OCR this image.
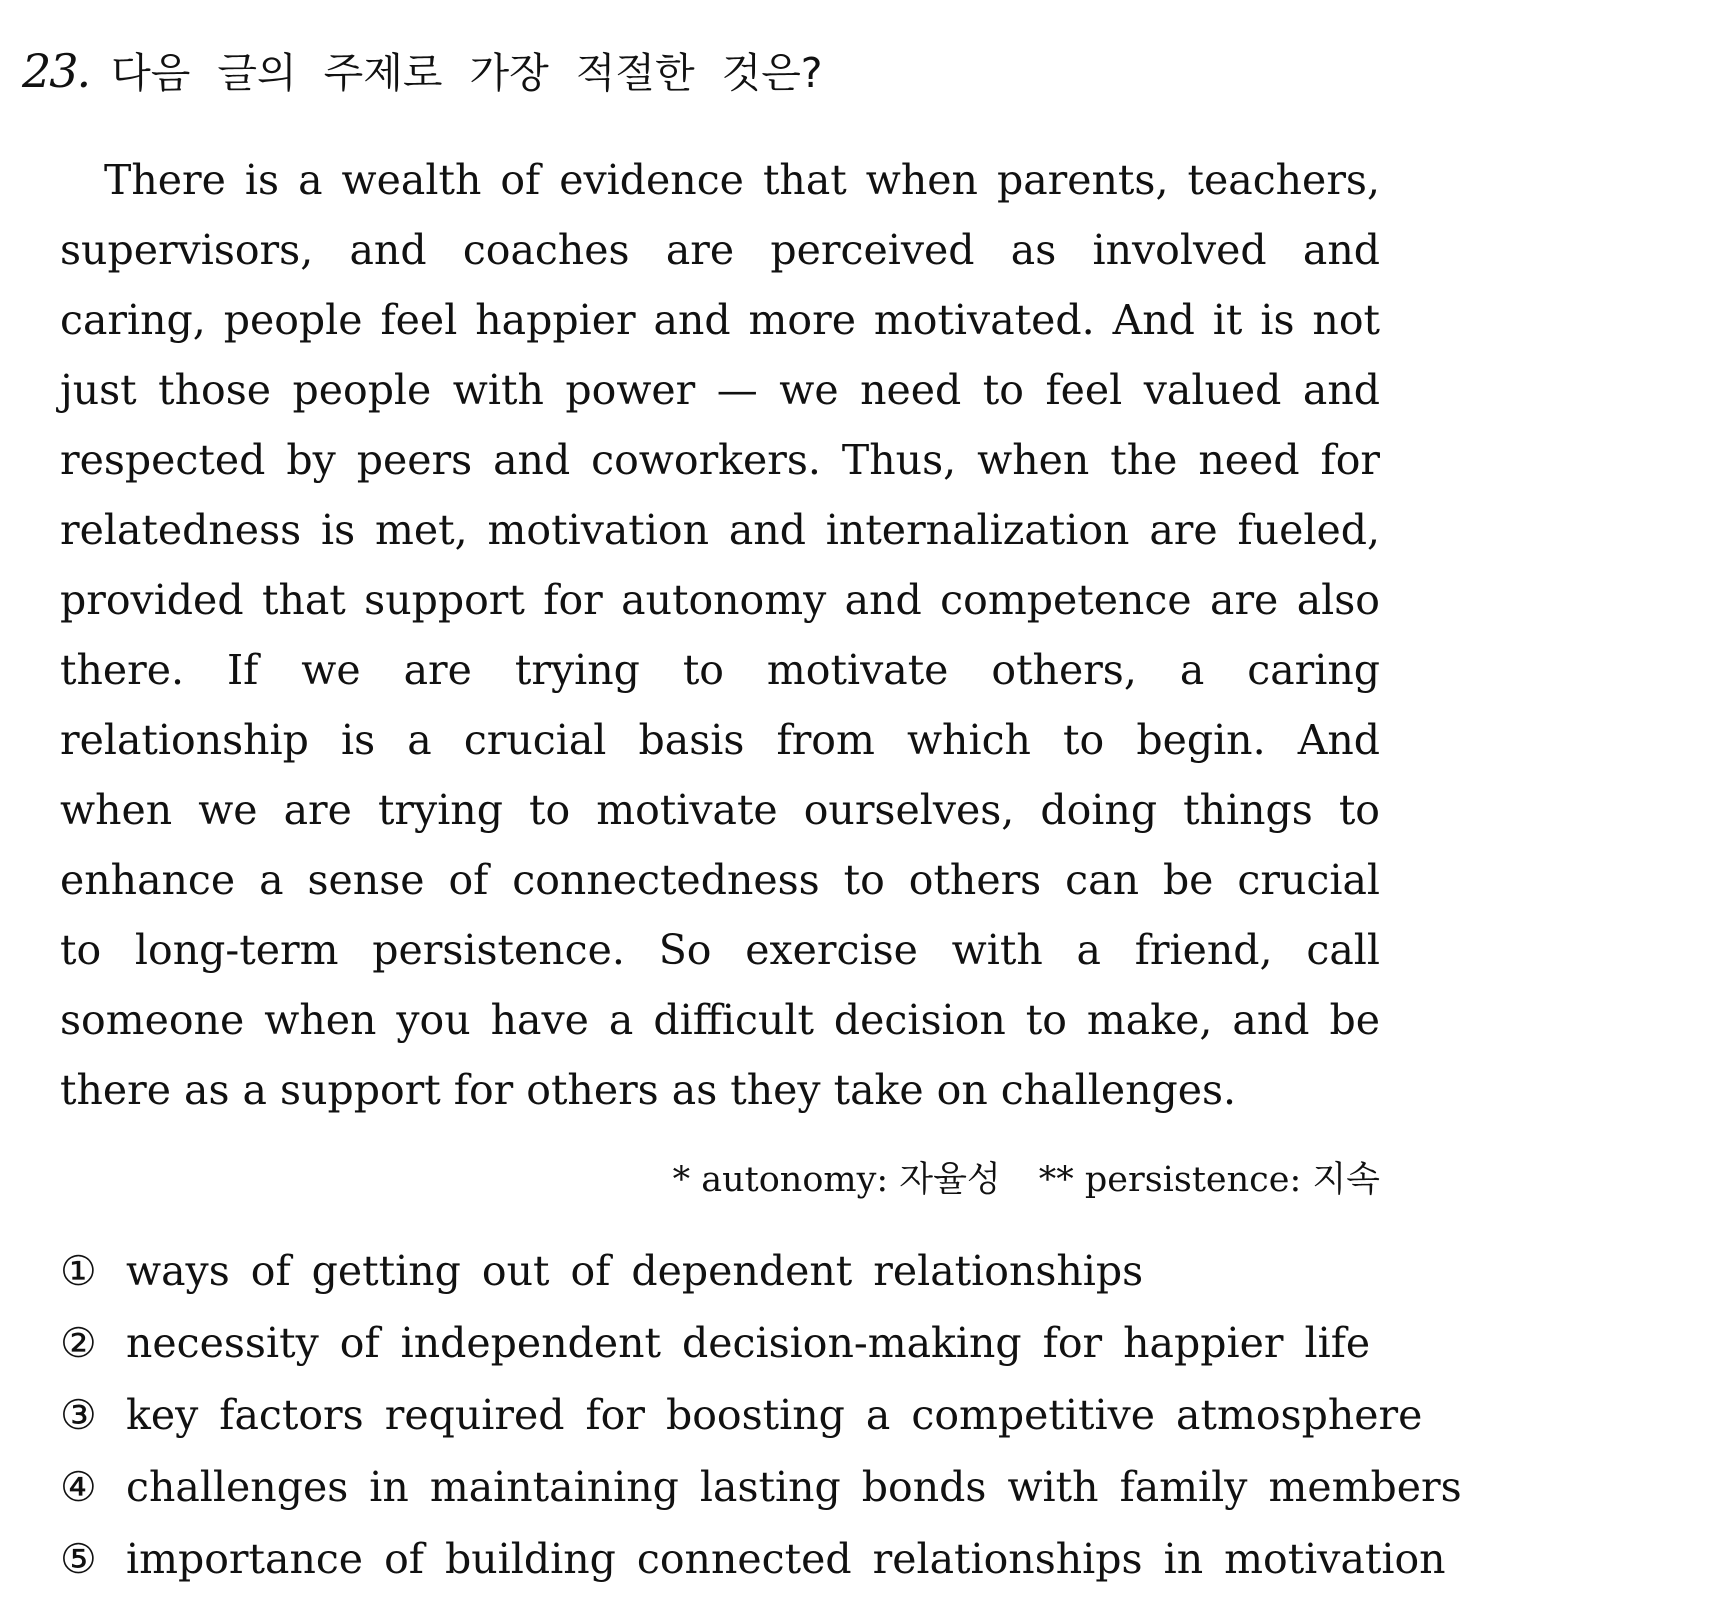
23. 다음 글의 주제로 가장 적절한 것은?
There is a wealth of evidence that when parents, teachers,
supervisors, and coaches are perceived as involved and
caring, people feel happier and more motivated. And it is not
just those people with power — we need to feel valued and
respected by peers and coworkers. Thus, when the need for
relatedness is met, motivation and internalization are fueled,
provided that support for autonomy and competence are also
there. If we are trying to motivate others, a caring
relationship is a crucial basis from which to begin. And
when we are trying to motivate ourselves, doing things to
enhance a sense of connectedness to others can be crucial
to long-term persistence. So exercise with a friend, call
someone when you have a difficult decision to make, and be
there as a support for others as they take on challenges.
* autonomy: 자율성 ** persistence: 지속
① ways of getting out of dependent relationships
② necessity of independent decision-making for happier life
③ key factors required for boosting a competitive atmosphere
④ challenges in maintaining lasting bonds with family members
⑤ importance of building connected relationships in motivation
